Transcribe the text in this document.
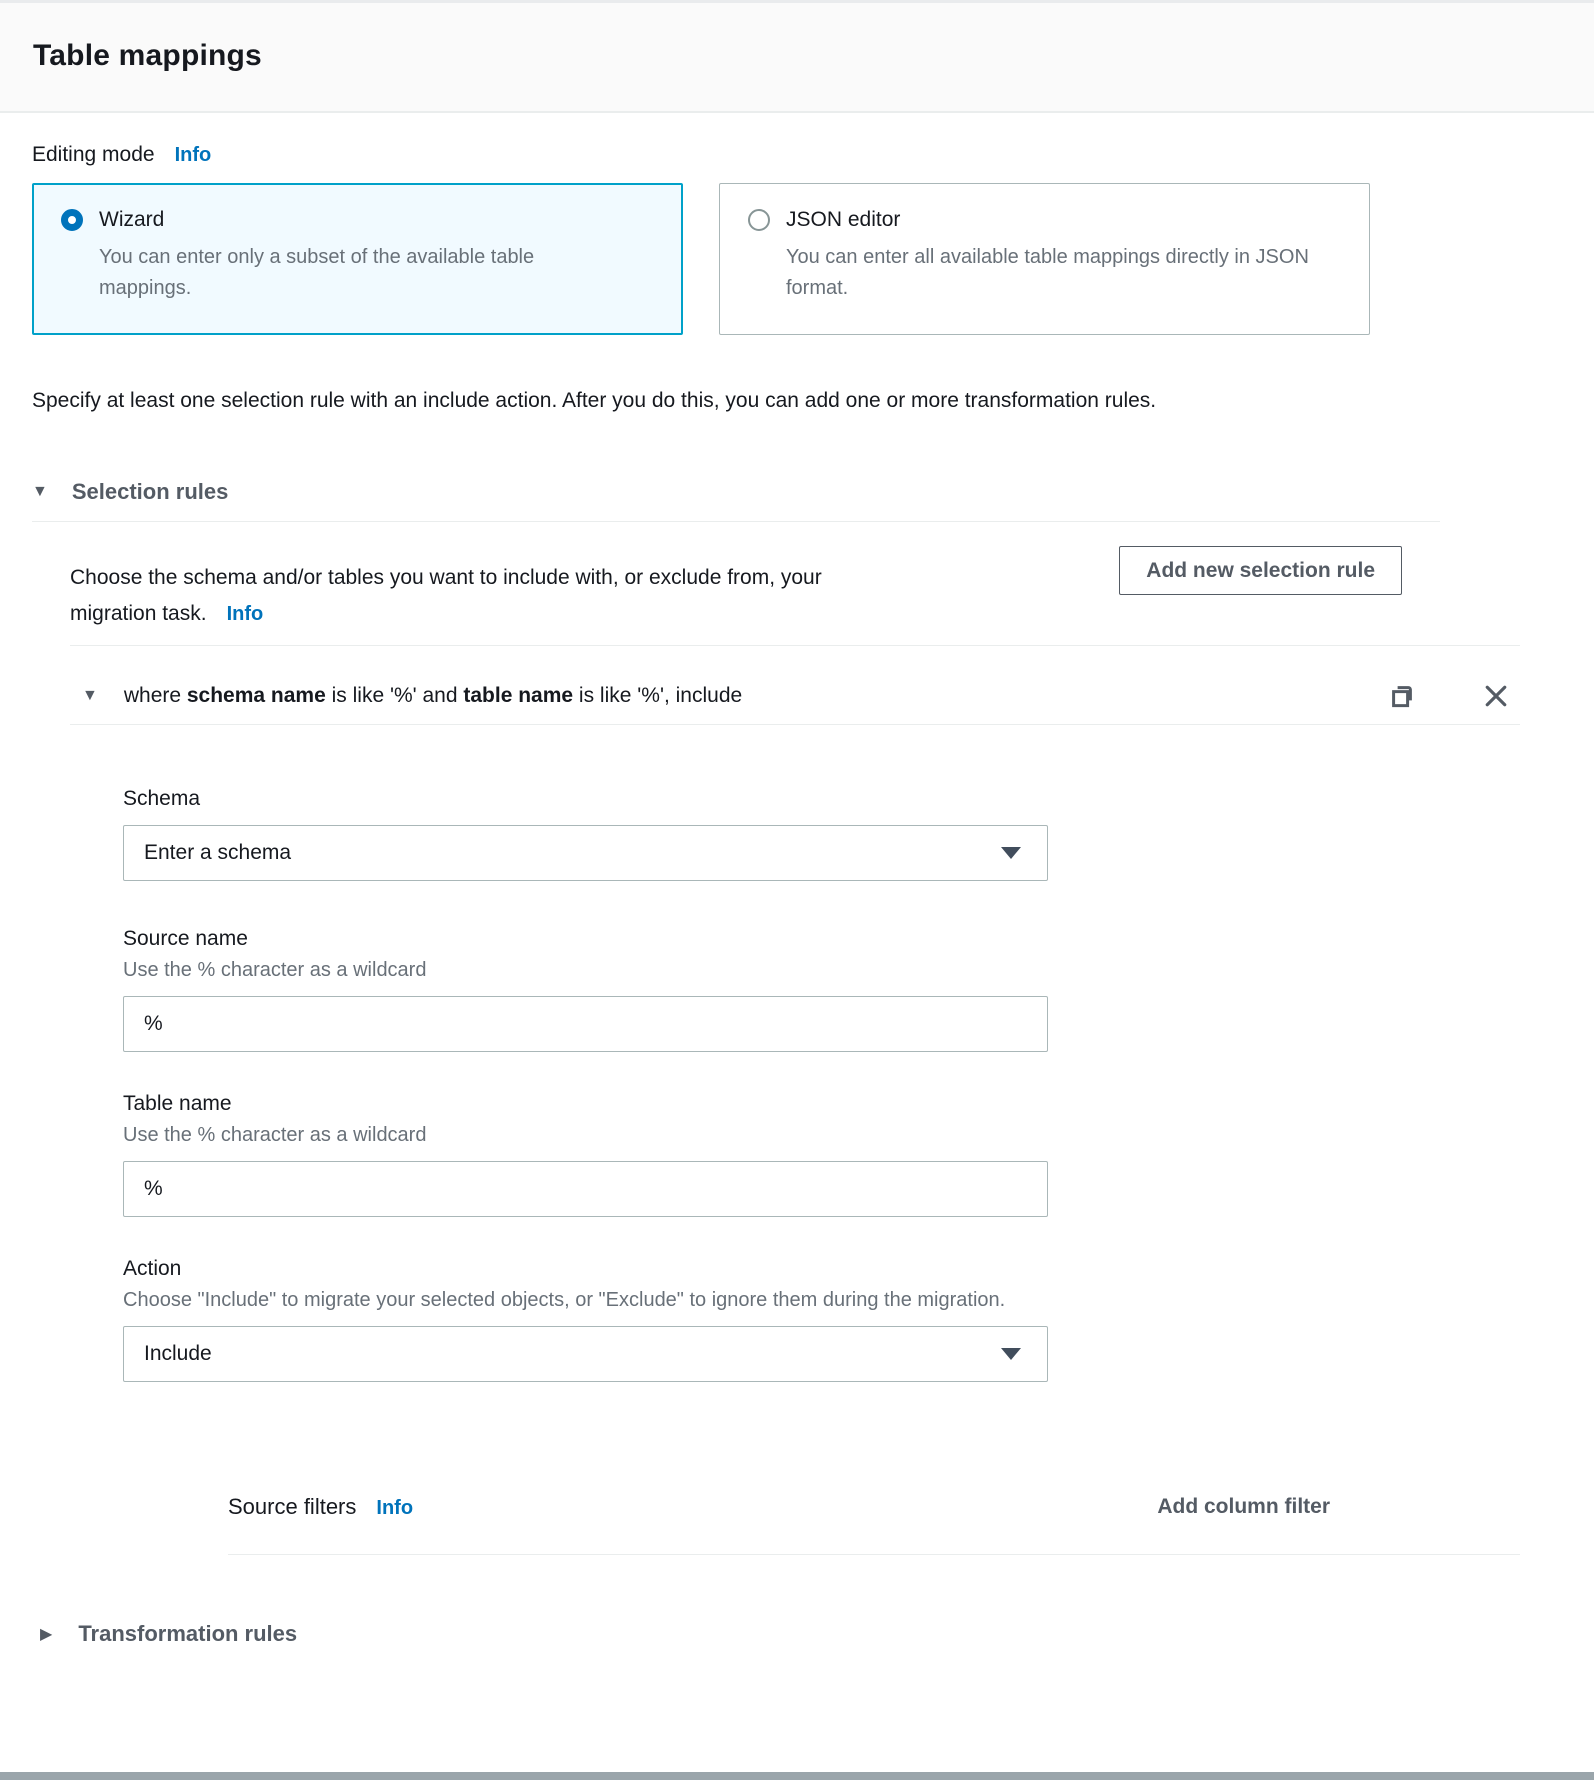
Table mappings
Editing mode Info
Wizard
You can enter only a subset of the available table mappings.
JSON editor
You can enter all available table mappings directly in JSON format.
Specify at least one selection rule with an include action. After you do this, you can add one or more transformation rules.
▼ Selection rules
Choose the schema and/or tables you want to include with, or exclude from, your migration task. Info
Add new selection rule
▼ where schema name is like '%' and table name is like '%', include
Schema
Enter a schema
Source name
Use the % character as a wildcard
%
Table name
Use the % character as a wildcard
%
Action
Choose "Include" to migrate your selected objects, or "Exclude" to ignore them during the migration.
Include
Source filters Info	Add column filter
▶ Transformation rules
